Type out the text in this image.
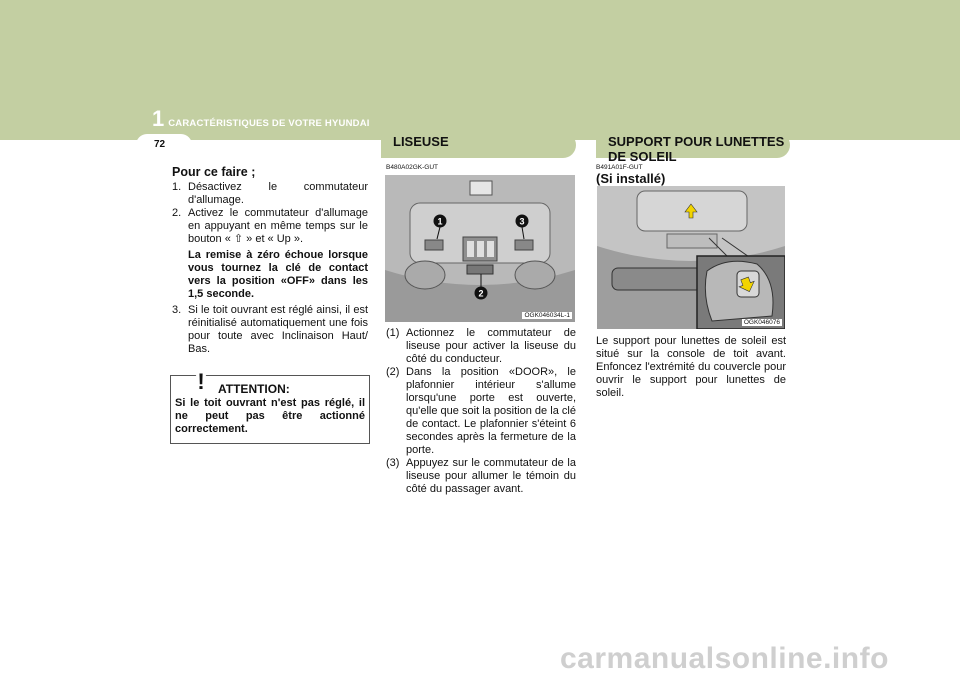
1 CARACTÉRISTIQUES DE VOTRE HYUNDAI
72	LISEUSE	SUPPORT POUR LUNETTES DE SOLEIL
Pour ce faire ;
1. Désactivez le commutateur d'allumage.
2. Activez le commutateur d'allumage en appuyant en même temps sur le bouton « ⇧ » et « Up ».
La remise à zéro échoue lorsque vous tournez la clé de contact vers la position «OFF» dans les 1,5 seconde.
3. Si le toit ouvrant est réglé ainsi, il est réinitialisé automatiquement une fois pour toute avec Inclinaison Haut/ Bas.
! ATTENTION:
Si le toit ouvrant n'est pas réglé, il ne peut pas être actionné correctement.
B480A02GK-GUT
1
2
3
OGK046034L-1
(1) Actionnez le commutateur de liseuse pour activer la liseuse du côté du conducteur.
(2) Dans la position «DOOR», le plafonnier intérieur s'allume lorsqu'une porte est ouverte, qu'elle que soit la position de la clé de contact. Le plafonnier s'éteint 6 secondes après la fermeture de la porte.
(3) Appuyez sur le commutateur de la liseuse pour allumer le témoin du côté du passager avant.
B491A01F-GUT
(Si installé)
OGK046076
Le support pour lunettes de soleil est situé sur la console de toit avant. Enfoncez l'extrémité du couvercle pour ouvrir le support pour lunettes de soleil.
carmanualsonline.info
